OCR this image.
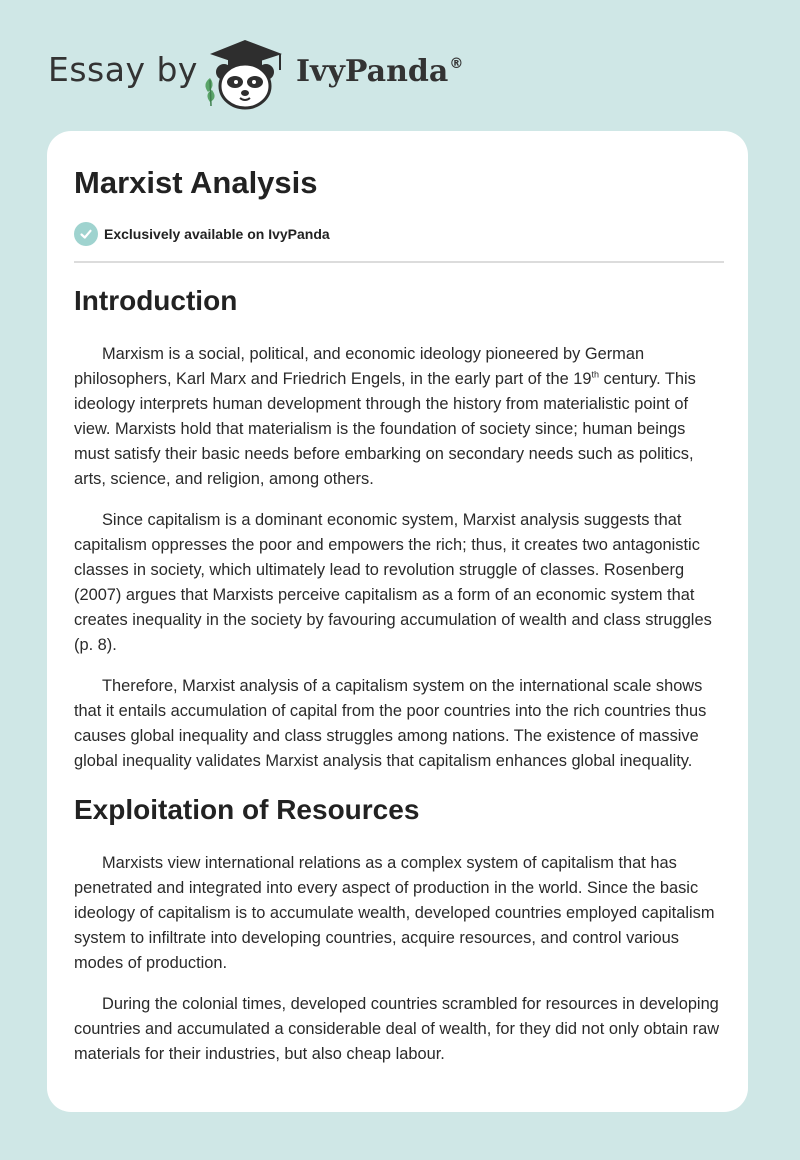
Essay by	IvyPanda®
Marxist Analysis
Exclusively available on IvyPanda
Introduction

Marxism is a social, political, and economic ideology pioneered by German philosophers, Karl Marx and Friedrich Engels, in the early part of the 19th century. This ideology interprets human development through the history from materialistic point of view. Marxists hold that materialism is the foundation of society since; human beings must satisfy their basic needs before embarking on secondary needs such as politics, arts, science, and religion, among others.

Since capitalism is a dominant economic system, Marxist analysis suggests that capitalism oppresses the poor and empowers the rich; thus, it creates two antagonistic classes in society, which ultimately lead to revolution struggle of classes. Rosenberg (2007) argues that Marxists perceive capitalism as a form of an economic system that creates inequality in the society by favouring accumulation of wealth and class struggles (p. 8).

Therefore, Marxist analysis of a capitalism system on the international scale shows that it entails accumulation of capital from the poor countries into the rich countries thus causes global inequality and class struggles among nations. The existence of massive global inequality validates Marxist analysis that capitalism enhances global inequality.

Exploitation of Resources

Marxists view international relations as a complex system of capitalism that has penetrated and integrated into every aspect of production in the world. Since the basic ideology of capitalism is to accumulate wealth, developed countries employed capitalism system to infiltrate into developing countries, acquire resources, and control various modes of production.

During the colonial times, developed countries scrambled for resources in developing countries and accumulated a considerable deal of wealth, for they did not only obtain raw materials for their industries, but also cheap labour.
